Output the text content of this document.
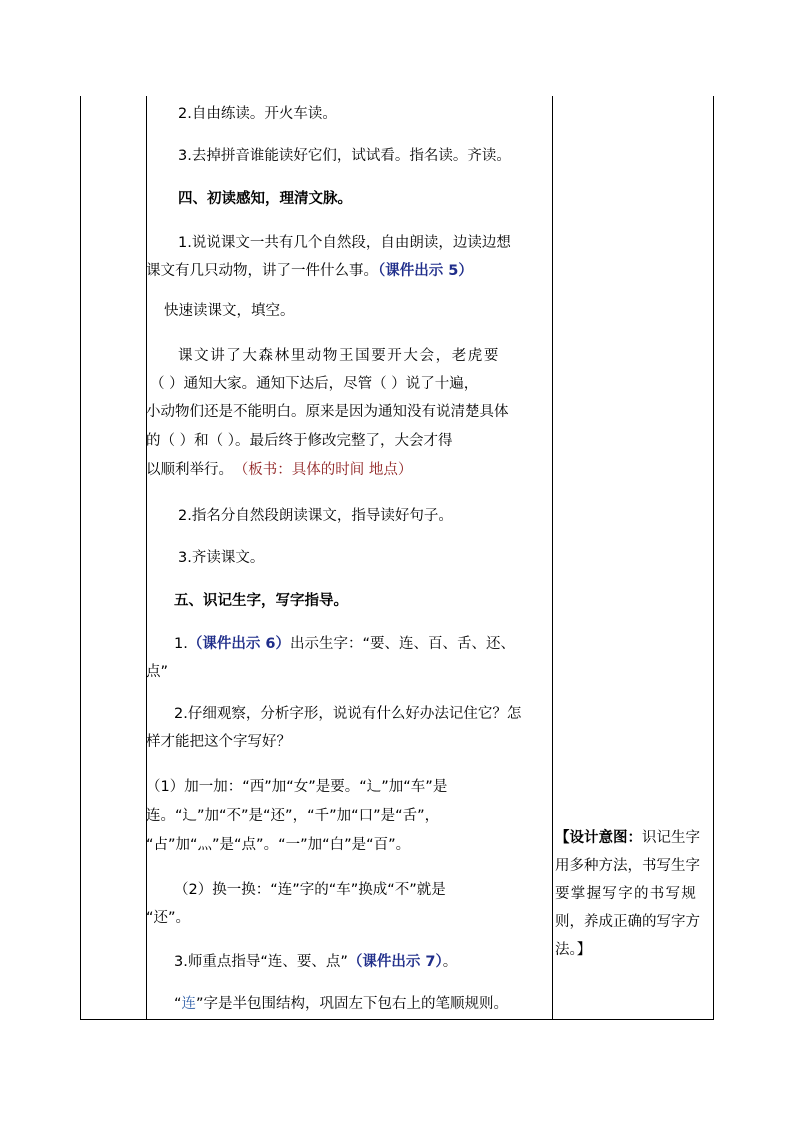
2.自由练读。开火车读。
3.去掉拼音谁能读好它们，试试看。指名读。齐读。
四、初读感知，理清文脉。
1.说说课文一共有几个自然段，自由朗读，边读边想
课文有几只动物，讲了一件什么事。（课件出示 5）
快速读课文，填空。
课文讲了大森林里动物王国要开大会，老虎要
（ ）通知大家。通知下达后，尽管（ ）说了十遍，
小动物们还是不能明白。原来是因为通知没有说清楚具体
的（ ）和（ ）。最后终于修改完整了，大会才得
以顺利举行。 （板书：具体的时间 地点）
2.指名分自然段朗读课文，指导读好句子。
3.齐读课文。
五、识记生字，写字指导。
1.（课件出示 6）出示生字：“要、连、百、舌、还、
点”
2.仔细观察，分析字形，说说有什么好办法记住它？怎
样才能把这个字写好？
（1）加一加：“西”加“女”是要。“辶”加“车”是
连。“辶”加“不”是“还”，“千”加“口”是“舌”，
“占”加“灬”是“点”。“一”加“白”是“百”。
（2）换一换：“连”字的“车”换成“不”就是
“还”。
3.师重点指导“连、要、点”（课件出示 7）。
“连”字是半包围结构，巩固左下包右上的笔顺规则。
【设计意图：识记生字
用多种方法，书写生字
要掌握写字的书写规
则，养成正确的写字方
法。】
